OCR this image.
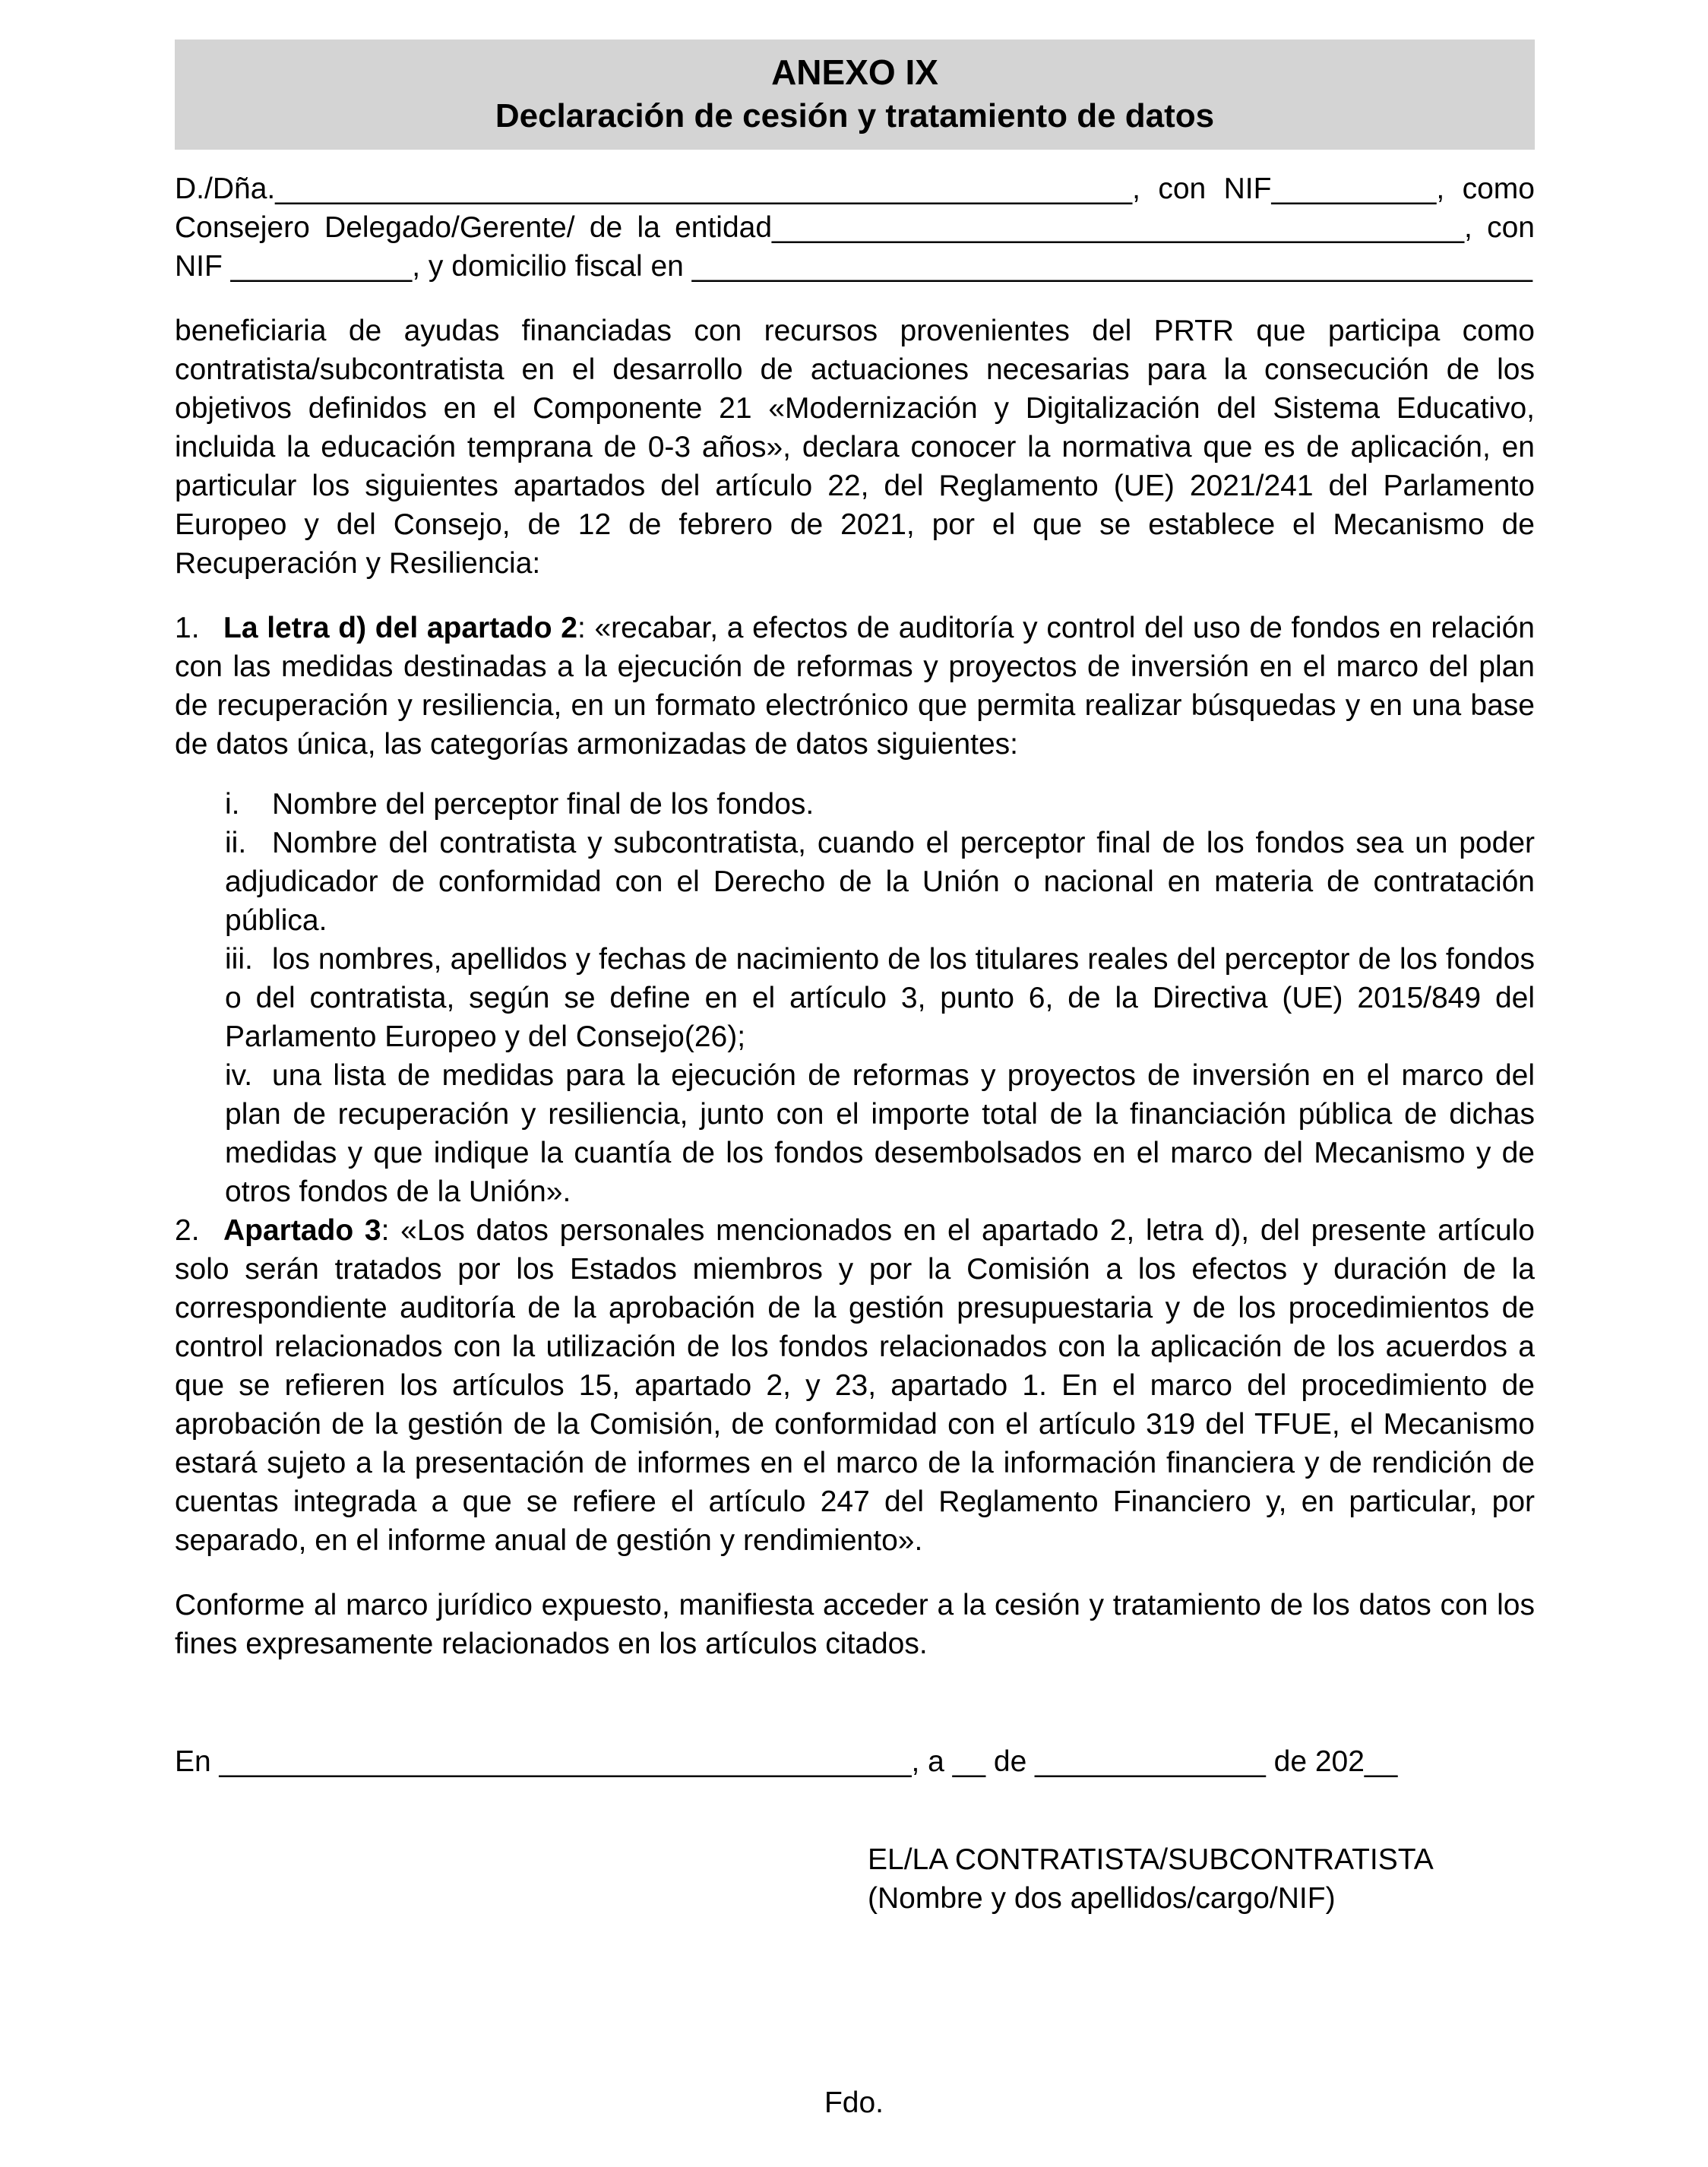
ANEXO IX
Declaración de cesión y tratamiento de datos
D./Dña.____________________________________________________, con NIF__________, como
Consejero Delegado/Gerente/ de la entidad__________________________________________, con
NIF ___________, y domicilio fiscal en ___________________________________________________

beneficiaria de ayudas financiadas con recursos provenientes del PRTR que participa como contratista/subcontratista en el desarrollo de actuaciones necesarias para la consecución de los objetivos definidos en el Componente 21 «Modernización y Digitalización del Sistema Educativo, incluida la educación temprana de 0-3 años», declara conocer la normativa que es de aplicación, en particular los siguientes apartados del artículo 22, del Reglamento (UE) 2021/241 del Parlamento Europeo y del Consejo, de 12 de febrero de 2021, por el que se establece el Mecanismo de Recuperación y Resiliencia:

1. La letra d) del apartado 2: «recabar, a efectos de auditoría y control del uso de fondos en relación con las medidas destinadas a la ejecución de reformas y proyectos de inversión en el marco del plan de recuperación y resiliencia, en un formato electrónico que permita realizar búsquedas y en una base de datos única, las categorías armonizadas de datos siguientes:

i. Nombre del perceptor final de los fondos.
ii. Nombre del contratista y subcontratista, cuando el perceptor final de los fondos sea un poder adjudicador de conformidad con el Derecho de la Unión o nacional en materia de contratación pública.
iii. los nombres, apellidos y fechas de nacimiento de los titulares reales del perceptor de los fondos o del contratista, según se define en el artículo 3, punto 6, de la Directiva (UE) 2015/849 del Parlamento Europeo y del Consejo(26);
iv. una lista de medidas para la ejecución de reformas y proyectos de inversión en el marco del plan de recuperación y resiliencia, junto con el importe total de la financiación pública de dichas medidas y que indique la cuantía de los fondos desembolsados en el marco del Mecanismo y de otros fondos de la Unión».

2. Apartado 3: «Los datos personales mencionados en el apartado 2, letra d), del presente artículo solo serán tratados por los Estados miembros y por la Comisión a los efectos y duración de la correspondiente auditoría de la aprobación de la gestión presupuestaria y de los procedimientos de control relacionados con la utilización de los fondos relacionados con la aplicación de los acuerdos a que se refieren los artículos 15, apartado 2, y 23, apartado 1. En el marco del procedimiento de aprobación de la gestión de la Comisión, de conformidad con el artículo 319 del TFUE, el Mecanismo estará sujeto a la presentación de informes en el marco de la información financiera y de rendición de cuentas integrada a que se refiere el artículo 247 del Reglamento Financiero y, en particular, por separado, en el informe anual de gestión y rendimiento».

Conforme al marco jurídico expuesto, manifiesta acceder a la cesión y tratamiento de los datos con los fines expresamente relacionados en los artículos citados.

En __________________________________________, a __ de ______________ de 202__
EL/LA CONTRATISTA/SUBCONTRATISTA
(Nombre y dos apellidos/cargo/NIF)
Fdo.
